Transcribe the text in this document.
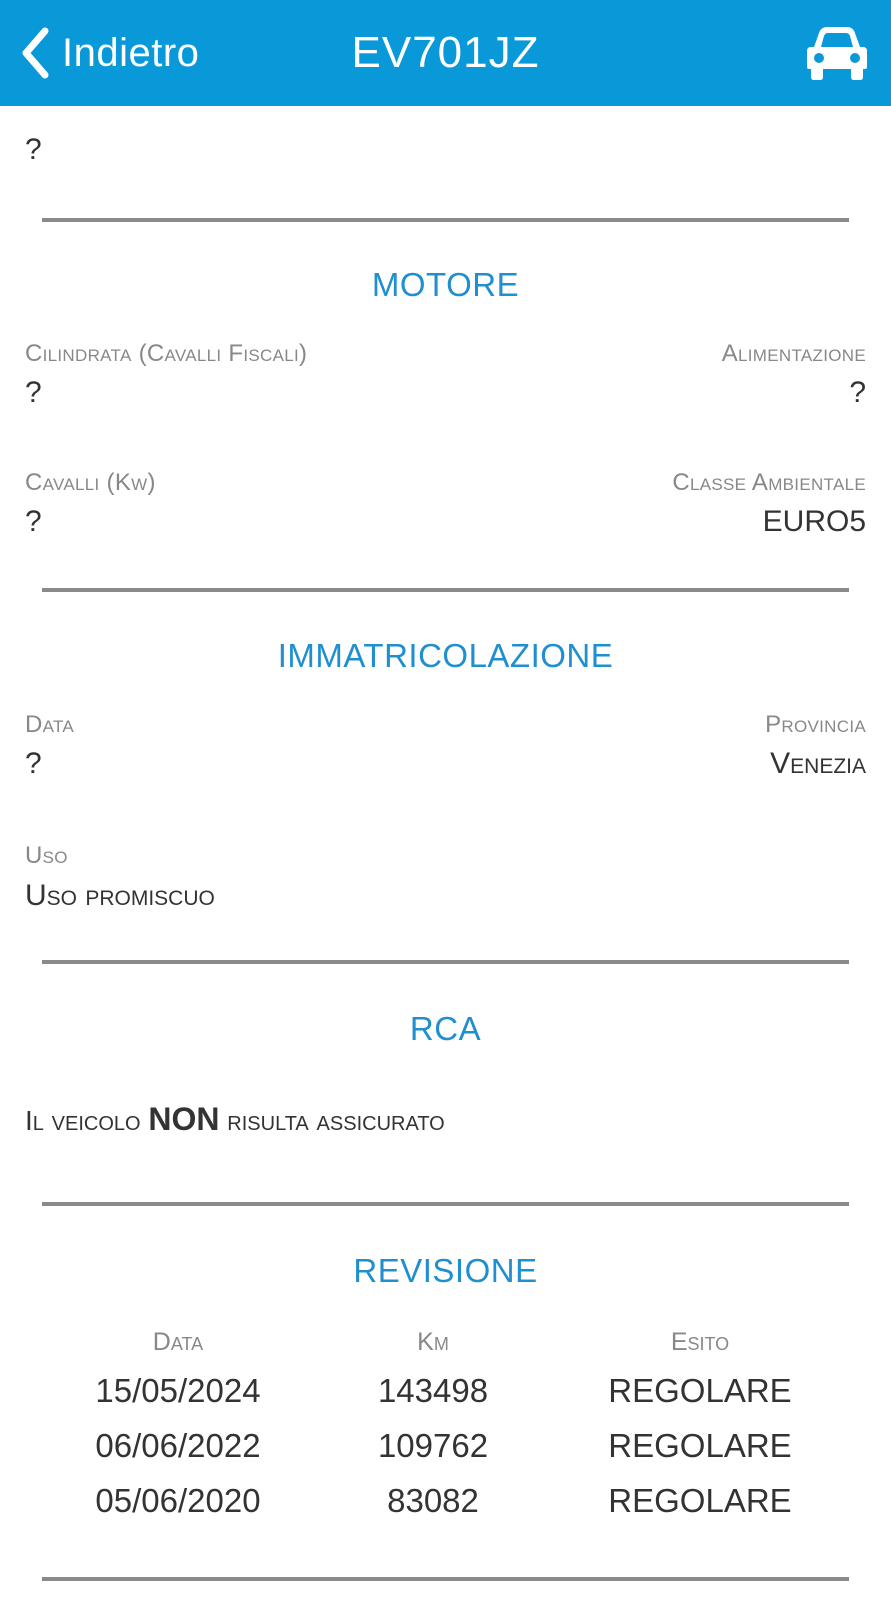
Indietro	EV701JZ
?
MOTORE
Cilindrata (Cavalli Fiscali)
?
Alimentazione
?
Cavalli (Kw)
?
Classe Ambientale
EURO5
IMMATRICOLAZIONE
Data
?
Provincia
Venezia
Uso
Uso promiscuo
RCA
Il veicolo NON risulta assicurato
REVISIONE
Data	Km	Esito
15/05/2024	143498	REGOLARE
06/06/2022	109762	REGOLARE
05/06/2020	83082	REGOLARE
